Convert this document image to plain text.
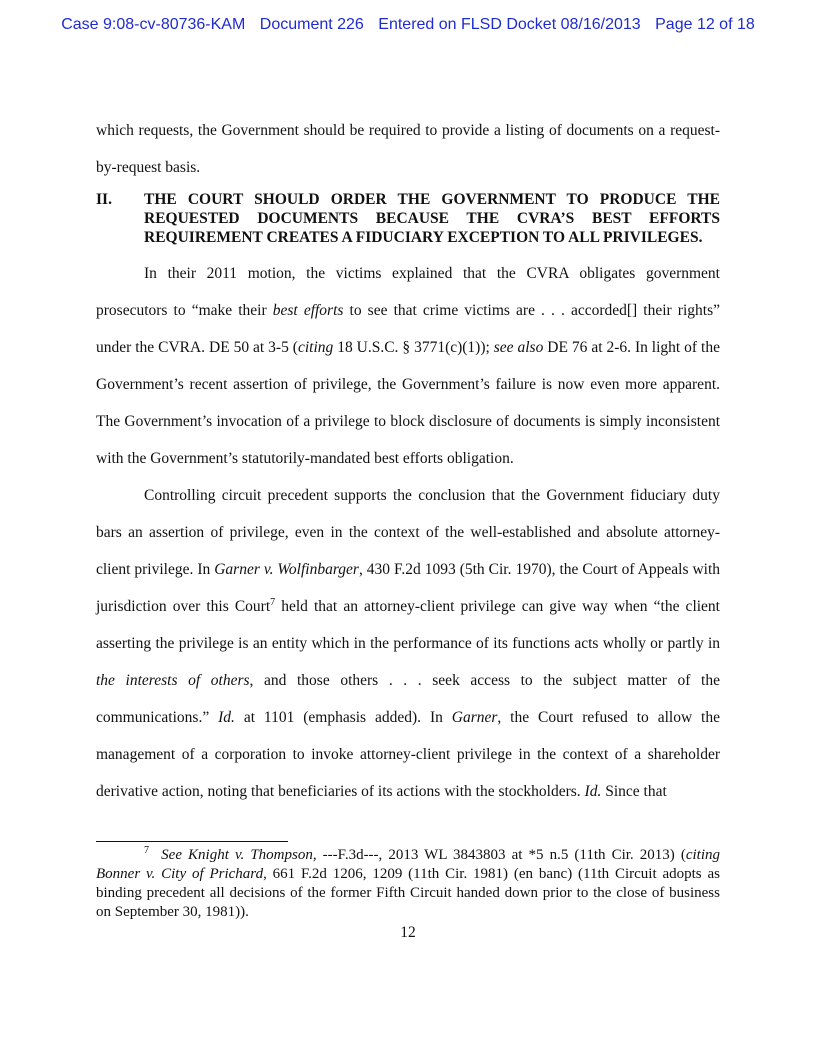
Case 9:08-cv-80736-KAM Document 226 Entered on FLSD Docket 08/16/2013 Page 12 of 18

which requests, the Government should be required to provide a listing of documents on a request-by-request basis.

II.	THE COURT SHOULD ORDER THE GOVERNMENT TO PRODUCE THE REQUESTED DOCUMENTS BECAUSE THE CVRA’S BEST EFFORTS REQUIREMENT CREATES A FIDUCIARY EXCEPTION TO ALL PRIVILEGES.

In their 2011 motion, the victims explained that the CVRA obligates government prosecutors to “make their best efforts to see that crime victims are . . . accorded[] their rights” under the CVRA. DE 50 at 3-5 (citing 18 U.S.C. § 3771(c)(1)); see also DE 76 at 2-6. In light of the Government’s recent assertion of privilege, the Government’s failure is now even more apparent. The Government’s invocation of a privilege to block disclosure of documents is simply inconsistent with the Government’s statutorily-mandated best efforts obligation.

Controlling circuit precedent supports the conclusion that the Government fiduciary duty bars an assertion of privilege, even in the context of the well-established and absolute attorney-client privilege. In Garner v. Wolfinbarger, 430 F.2d 1093 (5th Cir. 1970), the Court of Appeals with jurisdiction over this Court$^7$ held that an attorney-client privilege can give way when “the client asserting the privilege is an entity which in the performance of its functions acts wholly or partly in the interests of others, and those others . . . seek access to the subject matter of the communications.” Id. at 1101 (emphasis added). In Garner, the Court refused to allow the management of a corporation to invoke attorney-client privilege in the context of a shareholder derivative action, noting that beneficiaries of its actions with the stockholders. Id. Since that

$^7$ See Knight v. Thompson, ---F.3d---, 2013 WL 3843803 at *5 n.5 (11th Cir. 2013) (citing Bonner v. City of Prichard, 661 F.2d 1206, 1209 (11th Cir. 1981) (en banc) (11th Circuit adopts as binding precedent all decisions of the former Fifth Circuit handed down prior to the close of business on September 30, 1981)).

12
